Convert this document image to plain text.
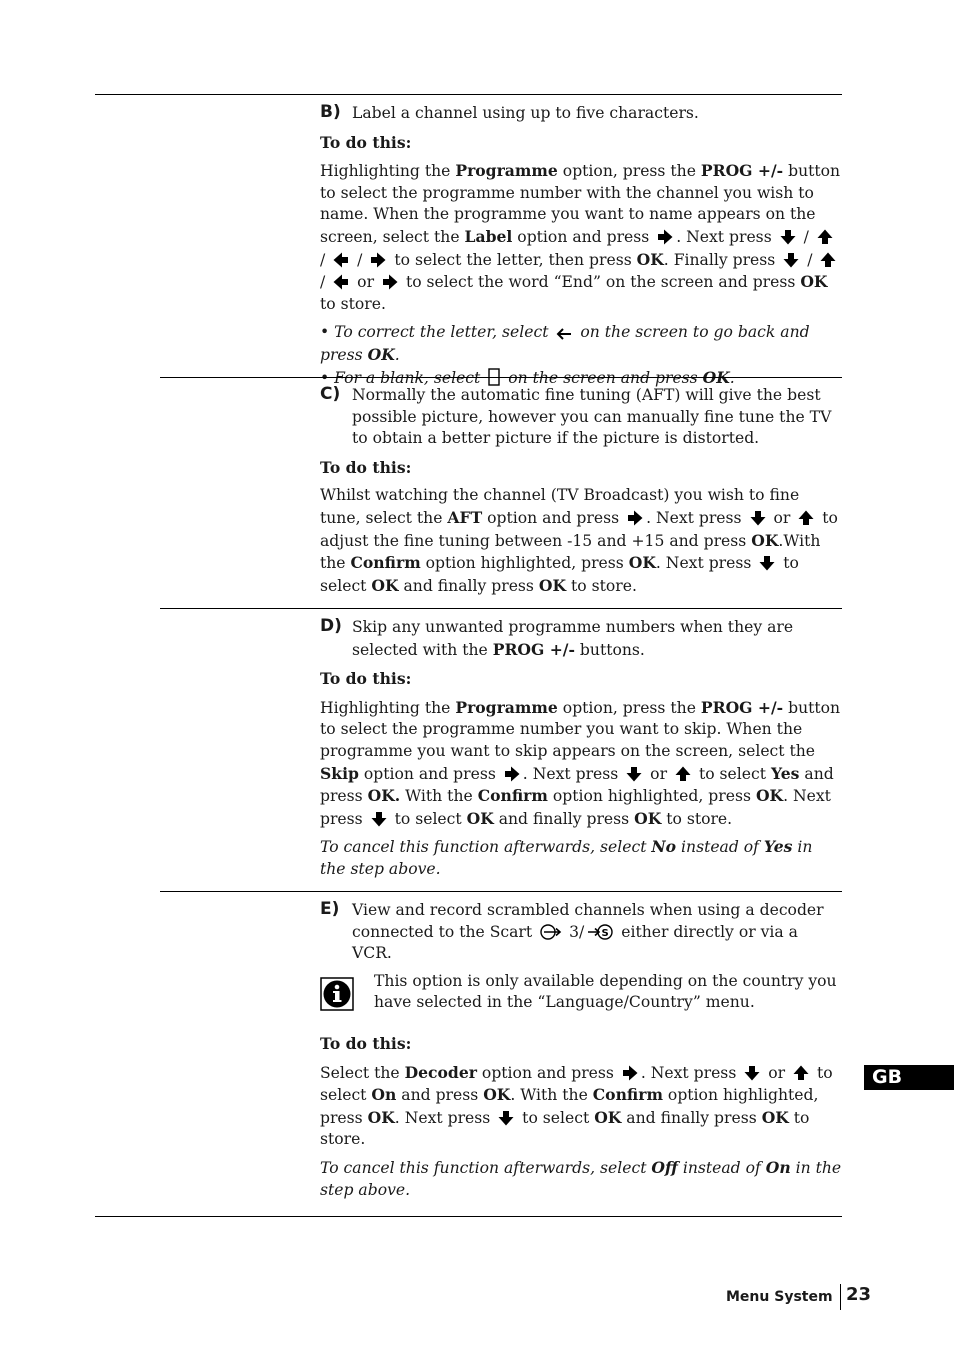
B) Label a channel using up to five characters.

To do this:

Highlighting the Programme option, press the PROG +/- button to select the programme number with the channel you wish to name. When the programme you want to name appears on the screen, select the Label option and press
. Next press
/
/
/
to select the letter, then press OK. Finally press
/
/
or
to select the word “End” on the screen and press OK to store.

• To correct the letter, select
on the screen to go back and press OK.
• For a blank, select
on the screen and press OK.

C) Normally the automatic fine tuning (AFT) will give the best possible picture, however you can manually fine tune the TV to obtain a better picture if the picture is distorted.

To do this:

Whilst watching the channel (TV Broadcast) you wish to fine tune, select the AFT option and press
. Next press
or
to adjust the fine tuning between -15 and +15 and press OK.With the Confirm option highlighted, press OK. Next press
to select OK and finally press OK to store.

D) Skip any unwanted programme numbers when they are selected with the PROG +/- buttons.

To do this:

Highlighting the Programme option, press the PROG +/- button to select the programme number you want to skip. When the programme you want to skip appears on the screen, select the Skip option and press
. Next press
or
to select Yes and press OK. With the Confirm option highlighted, press OK. Next press
to select OK and finally press OK to store.

To cancel this function afterwards, select No instead of Yes in the step above.

E) View and record scrambled channels when using a decoder connected to the Scart
3/ S either directly or via a VCR.

This option is only available depending on the country you have selected in the “Language/Country” menu.

To do this:

Select the Decoder option and press
. Next press
or
to select On and press OK. With the Confirm option highlighted, press OK. Next press
to select OK and finally press OK to store.

To cancel this function afterwards, select Off instead of On in the step above.

GB
Menu System 23
